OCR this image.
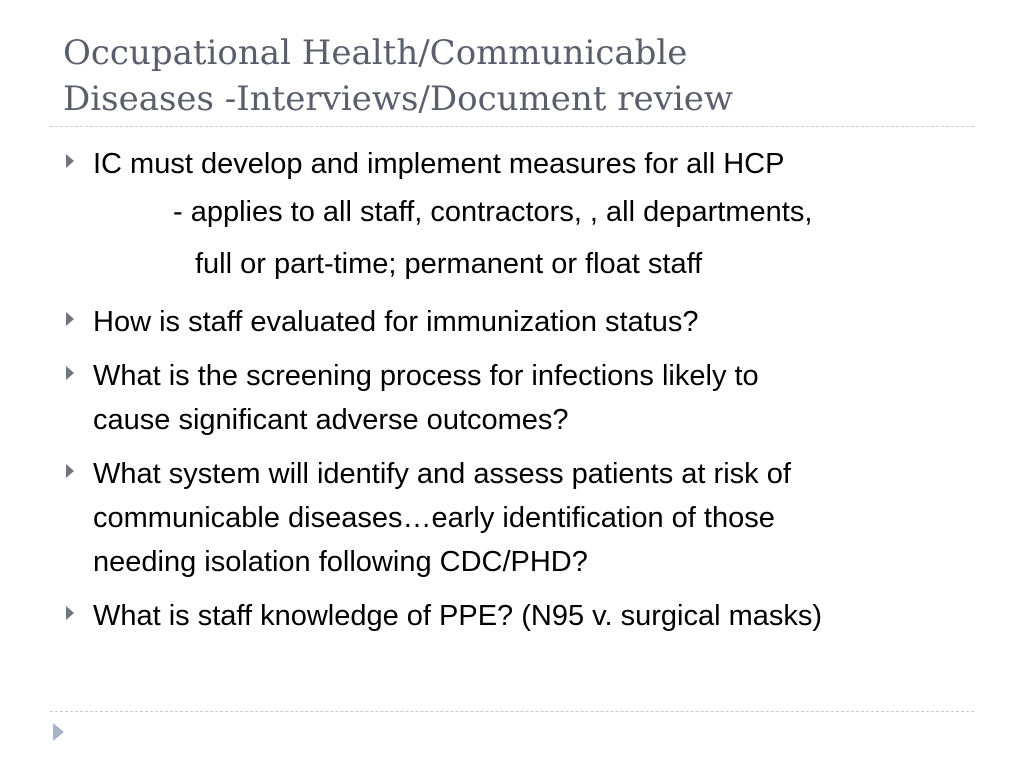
Occupational Health/Communicable
Diseases -Interviews/Document review
IC must develop and implement measures for all HCP
- applies to all staff, contractors, , all departments,
full or part-time; permanent or float staff
How is staff evaluated for immunization status?
What is the screening process for infections likely to
cause significant adverse outcomes?
What system will identify and assess patients at risk of
communicable diseases…early identification of those
needing isolation following CDC/PHD?
What is staff knowledge of PPE? (N95 v. surgical masks)
